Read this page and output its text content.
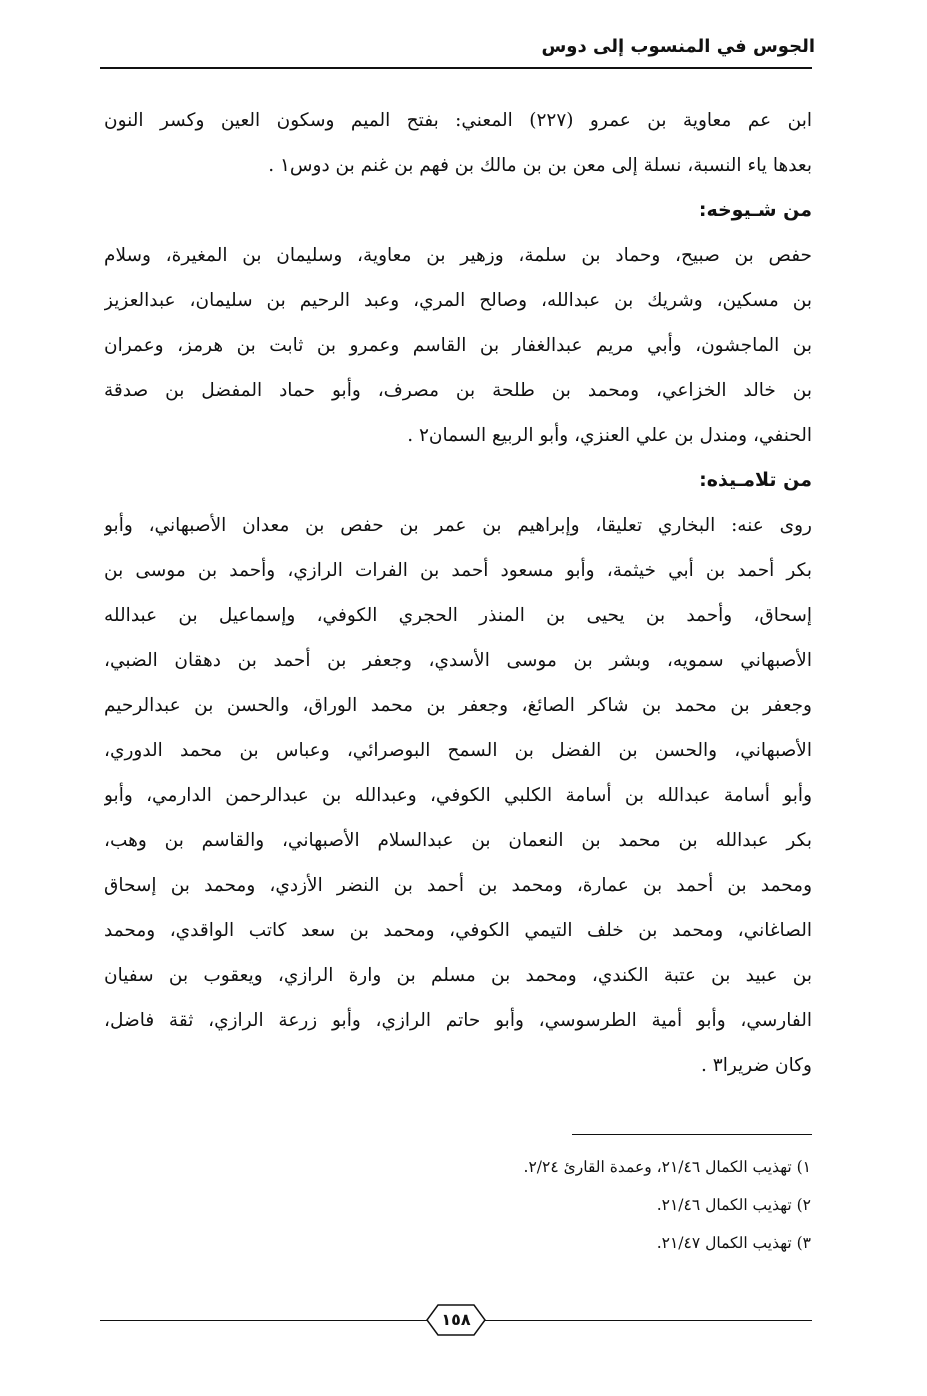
الجوس في المنسوب إلى دوس
ابن عم معاوية بن عمرو (٢٢٧) المعني: بفتح الميم وسكون العين وكسر النون
بعدها ياء النسبة، نسلة إلى معن بن بن مالك بن فهم بن غنم بن دوس١ .
من شـيوخه:
حفص بن صبيح، وحماد بن سلمة، وزهير بن معاوية، وسليمان بن المغيرة، وسلام
بن مسكين، وشريك بن عبدالله، وصالح المري، وعبد الرحيم بن سليمان، عبدالعزيز
بن الماجشون، وأبي مريم عبدالغفار بن القاسم وعمرو بن ثابت بن هرمز، وعمران
بن خالد الخزاعي، ومحمد بن طلحة بن مصرف، وأبو حماد المفضل بن صدقة
الحنفي، ومندل بن علي العنزي، وأبو الربيع السمان٢ .
من تلامـيذه:
روى عنه: البخاري تعليقا، وإبراهيم بن عمر بن حفص بن معدان الأصبهاني، وأبو
بكر أحمد بن أبي خيثمة، وأبو مسعود أحمد بن الفرات الرازي، وأحمد بن موسى بن
إسحاق، وأحمد بن يحيى بن المنذر الحجري الكوفي، وإسماعيل بن عبدالله
الأصبهاني سمويه، وبشر بن موسى الأسدي، وجعفر بن أحمد بن دهقان الضبي،
وجعفر بن محمد بن شاكر الصائغ، وجعفر بن محمد الوراق، والحسن بن عبدالرحيم
الأصبهاني، والحسن بن الفضل بن السمح البوصرائي، وعباس بن محمد الدوري،
وأبو أسامة عبدالله بن أسامة الكلبي الكوفي، وعبدالله بن عبدالرحمن الدارمي، وأبو
بكر عبدالله بن محمد بن النعمان بن عبدالسلام الأصبهاني، والقاسم بن وهب،
ومحمد بن أحمد بن عمارة، ومحمد بن أحمد بن النضر الأزدي، ومحمد بن إسحاق
الصاغاني، ومحمد بن خلف التيمي الكوفي، ومحمد بن سعد كاتب الواقدي، ومحمد
بن عبيد بن عتبة الكندي، ومحمد بن مسلم بن وارة الرازي، ويعقوب بن سفيان
الفارسي، وأبو أمية الطرسوسي، وأبو حاتم الرازي، وأبو زرعة الرازي، ثقة فاضل،
وكان ضريرا٣ .
١) تهذيب الكمال ٢١/٤٦، وعمدة القارئ ٢/٢٤.
٢) تهذيب الكمال ٢١/٤٦.
٣) تهذيب الكمال ٢١/٤٧.
١٥٨
